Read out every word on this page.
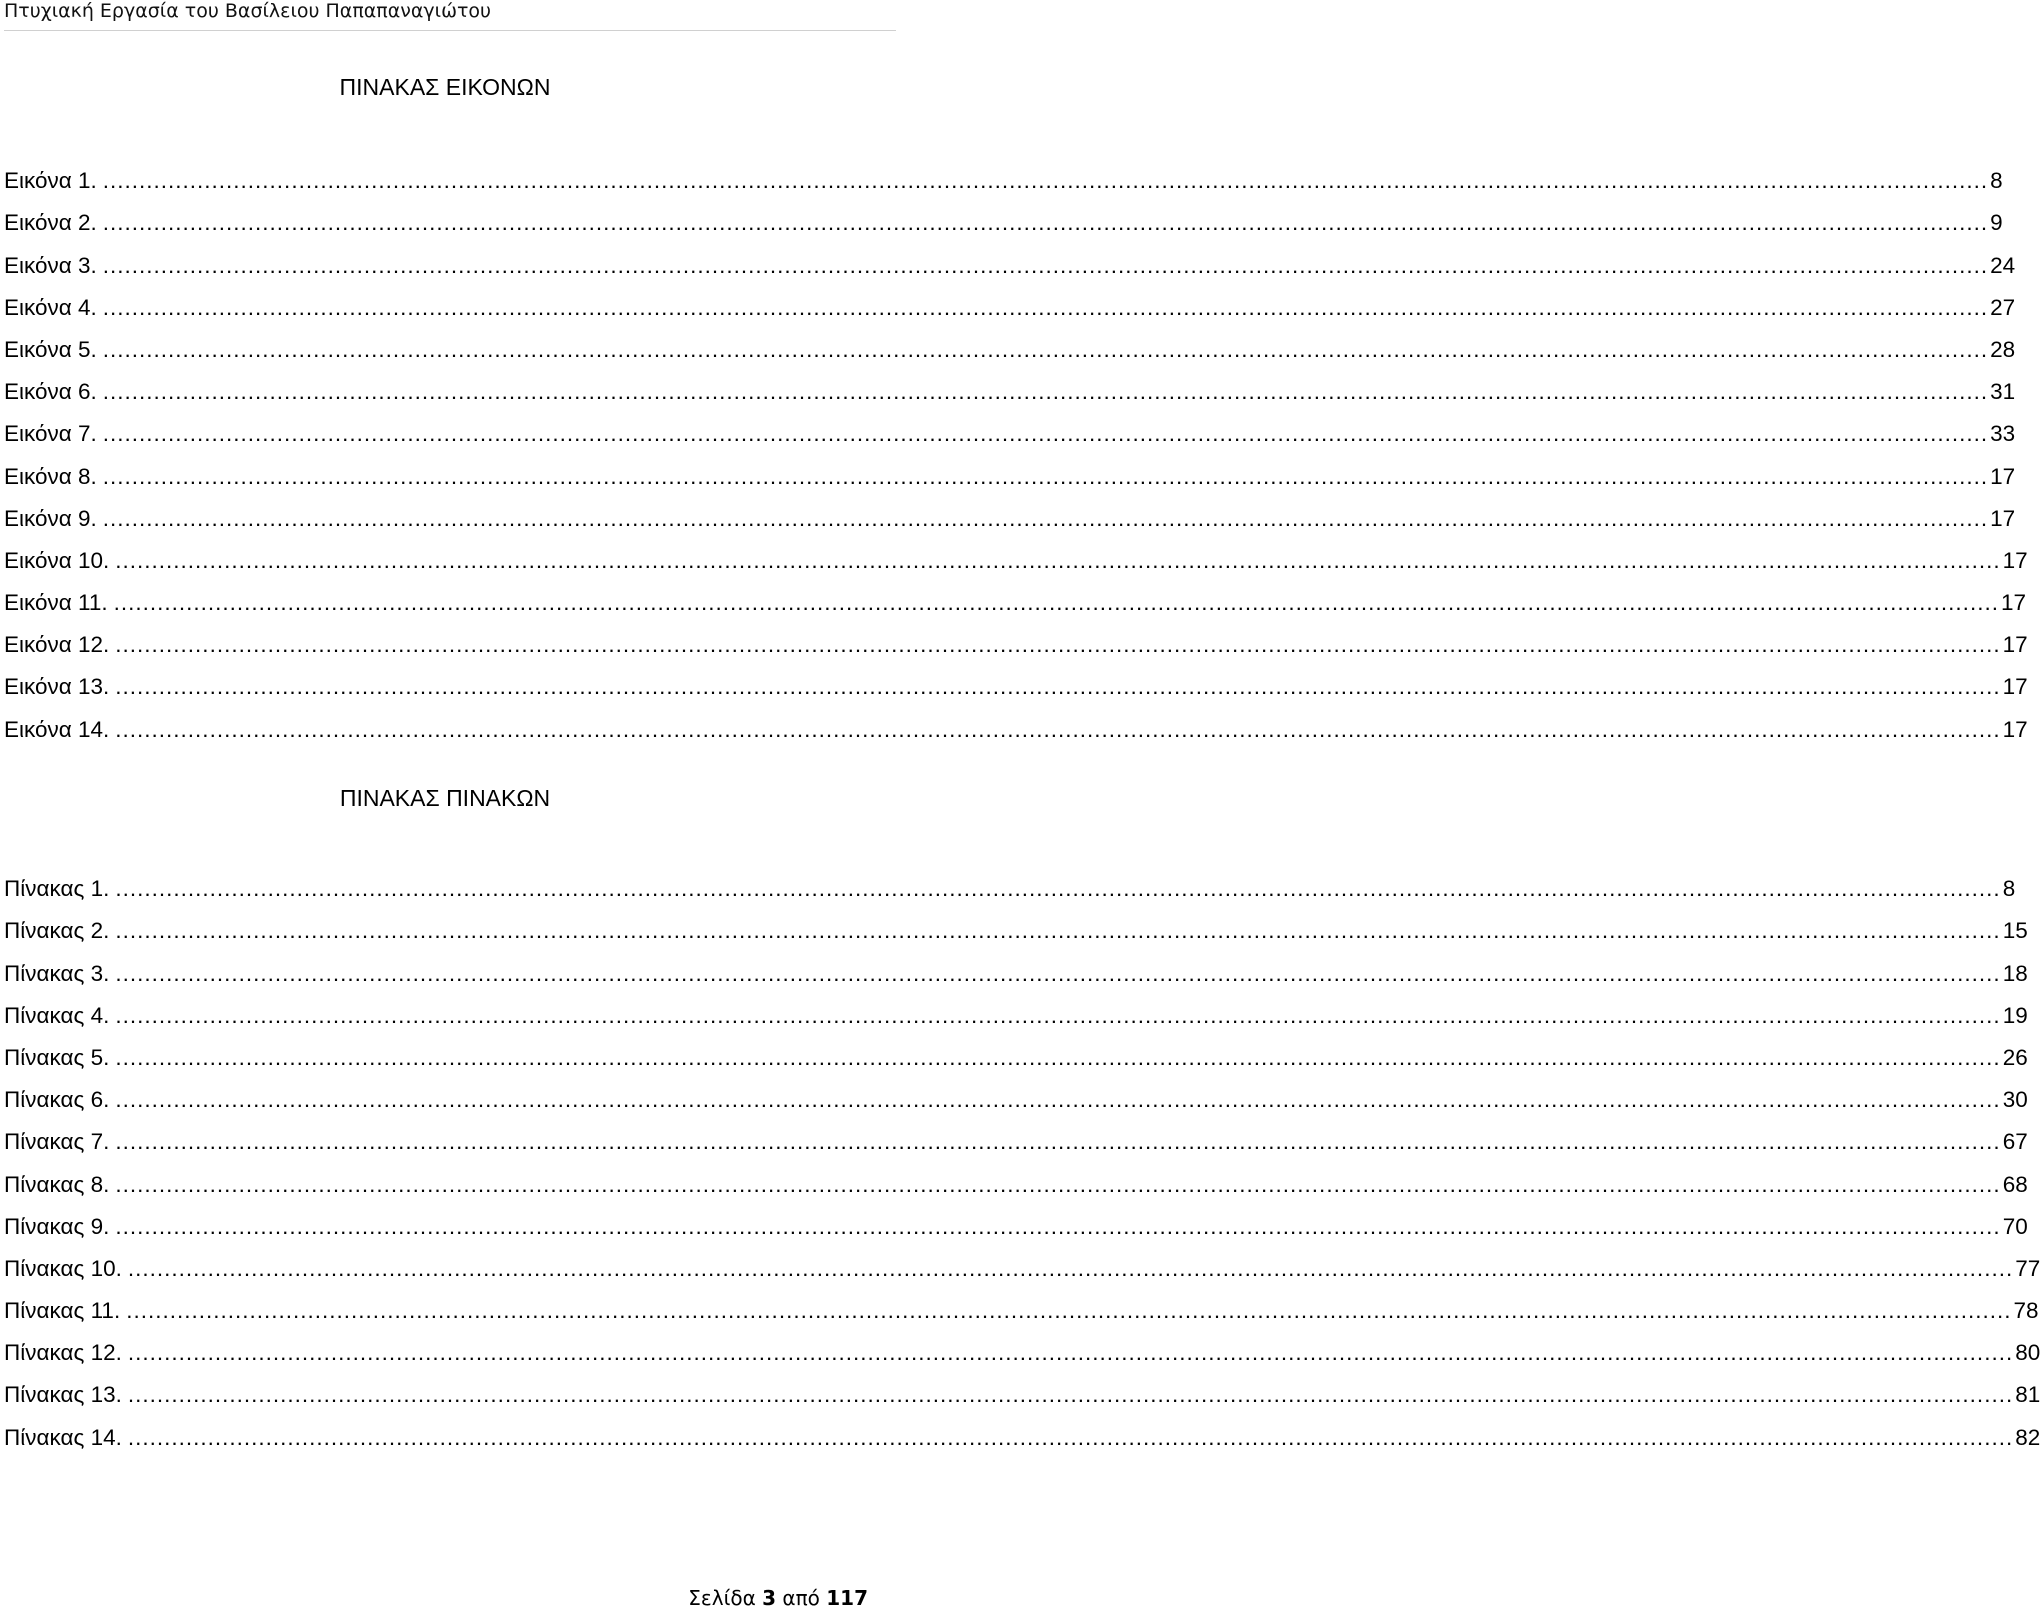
Πτυχιακή Εργασία του Βασίλειου Παπαπαναγιώτου
ΠΙΝΑΚΑΣ ΕΙΚΟΝΩΝ
Εικόνα 1. .................................................................................................................................................................................................................................................................... 8
Εικόνα 2. .................................................................................................................................................................................................................................................................... 9
Εικόνα 3. .................................................................................................................................................................................................................................................................... 24
Εικόνα 4. .................................................................................................................................................................................................................................................................... 27
Εικόνα 5. .................................................................................................................................................................................................................................................................... 28
Εικόνα 6. .................................................................................................................................................................................................................................................................... 31
Εικόνα 7. .................................................................................................................................................................................................................................................................... 33
Εικόνα 8. .................................................................................................................................................................................................................................................................... 17
Εικόνα 9. .................................................................................................................................................................................................................................................................... 17
Εικόνα 10. .................................................................................................................................................................................................................................................................... 17
Εικόνα 11. .................................................................................................................................................................................................................................................................... 17
Εικόνα 12. .................................................................................................................................................................................................................................................................... 17
Εικόνα 13. .................................................................................................................................................................................................................................................................... 17
Εικόνα 14. .................................................................................................................................................................................................................................................................... 17
ΠΙΝΑΚΑΣ ΠΙΝΑΚΩΝ
Πίνακας 1. .................................................................................................................................................................................................................................................................... 8
Πίνακας 2. .................................................................................................................................................................................................................................................................... 15
Πίνακας 3. .................................................................................................................................................................................................................................................................... 18
Πίνακας 4. .................................................................................................................................................................................................................................................................... 19
Πίνακας 5. .................................................................................................................................................................................................................................................................... 26
Πίνακας 6. .................................................................................................................................................................................................................................................................... 30
Πίνακας 7. .................................................................................................................................................................................................................................................................... 67
Πίνακας 8. .................................................................................................................................................................................................................................................................... 68
Πίνακας 9. .................................................................................................................................................................................................................................................................... 70
Πίνακας 10. .................................................................................................................................................................................................................................................................... 77
Πίνακας 11. .................................................................................................................................................................................................................................................................... 78
Πίνακας 12. .................................................................................................................................................................................................................................................................... 80
Πίνακας 13. .................................................................................................................................................................................................................................................................... 81
Πίνακας 14. .................................................................................................................................................................................................................................................................... 82
Σελίδα 3 από 117
